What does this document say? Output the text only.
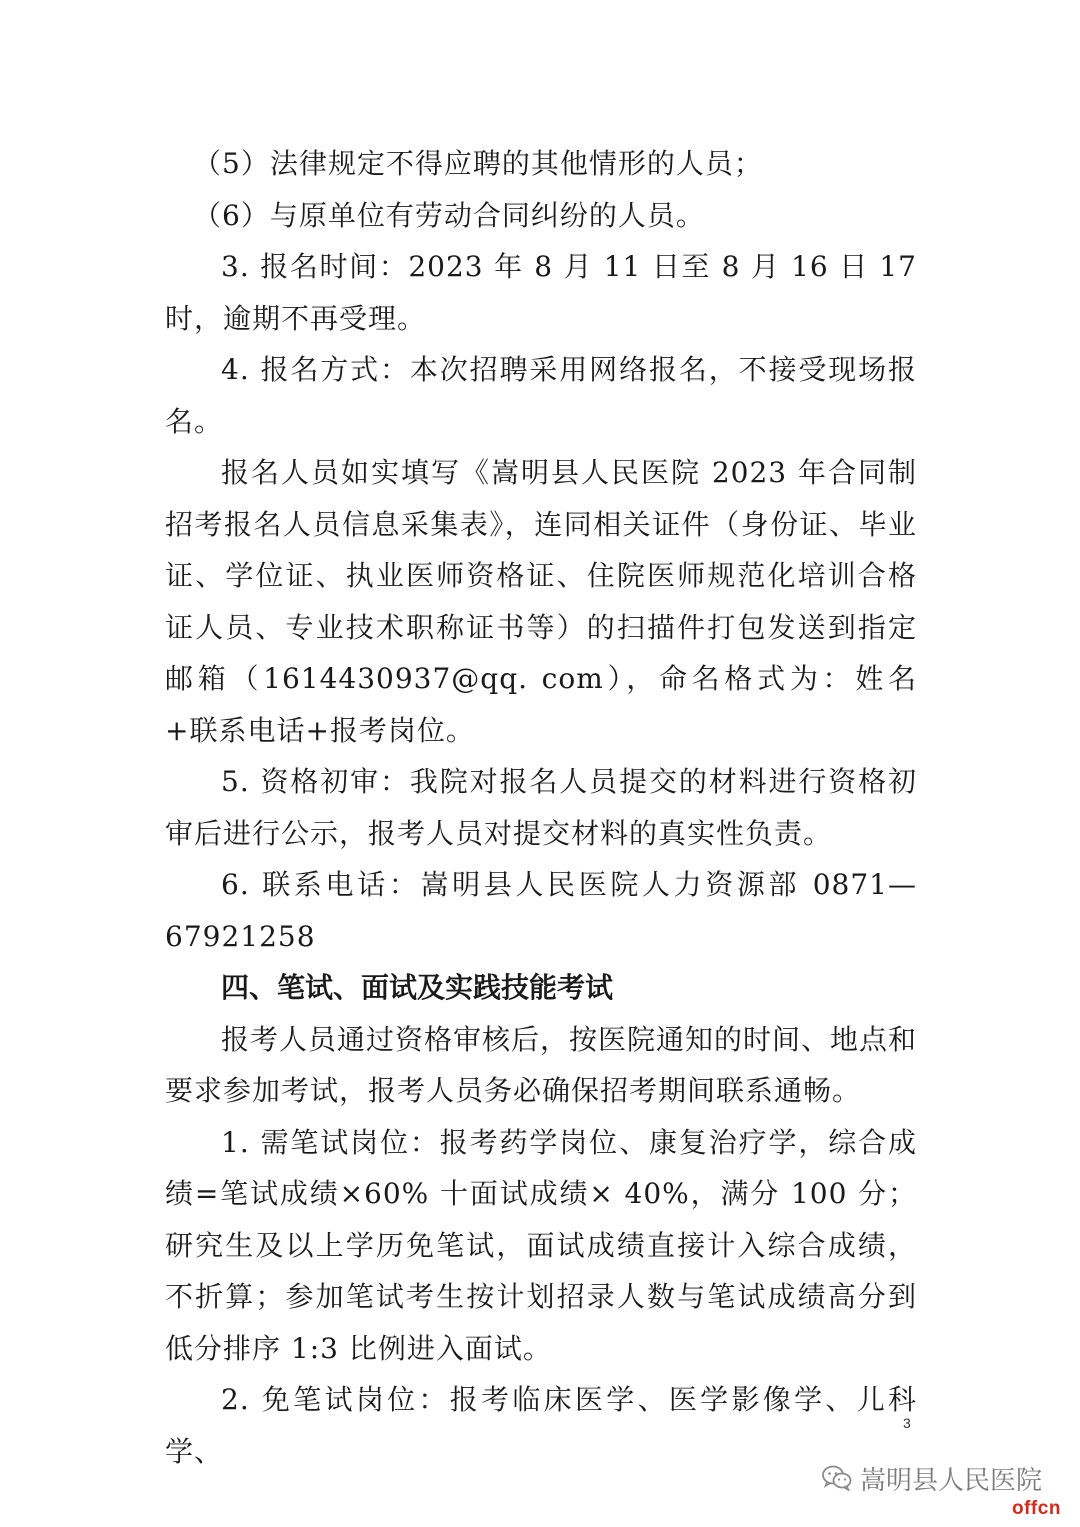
（5）法律规定不得应聘的其他情形的人员；

（6）与原单位有劳动合同纠纷的人员。

3. 报名时间：2023 年 8 月 11 日至 8 月 16 日 17 时，逾期不再受理。

4. 报名方式：本次招聘采用网络报名，不接受现场报名。

报名人员如实填写《嵩明县人民医院 2023 年合同制招考报名人员信息采集表》，连同相关证件（身份证、毕业证、学位证、执业医师资格证、住院医师规范化培训合格证人员、专业技术职称证书等）的扫描件打包发送到指定邮箱（1614430937@qq. com），命名格式为：姓名+联系电话+报考岗位。

5. 资格初审：我院对报名人员提交的材料进行资格初审后进行公示，报考人员对提交材料的真实性负责。

6. 联系电话：嵩明县人民医院人力资源部 0871—67921258

四、笔试、面试及实践技能考试

报考人员通过资格审核后，按医院通知的时间、地点和要求参加考试，报考人员务必确保招考期间联系通畅。

1. 需笔试岗位：报考药学岗位、康复治疗学，综合成绩=笔试成绩×60% 十面试成绩× 40%，满分 100 分；研究生及以上学历免笔试，面试成绩直接计入综合成绩，不折算；参加笔试考生按计划招录人数与笔试成绩高分到低分排序 1:3 比例进入面试。

2. 免笔试岗位：报考临床医学、医学影像学、儿科学、

3
嵩明县人民医院
offcn
